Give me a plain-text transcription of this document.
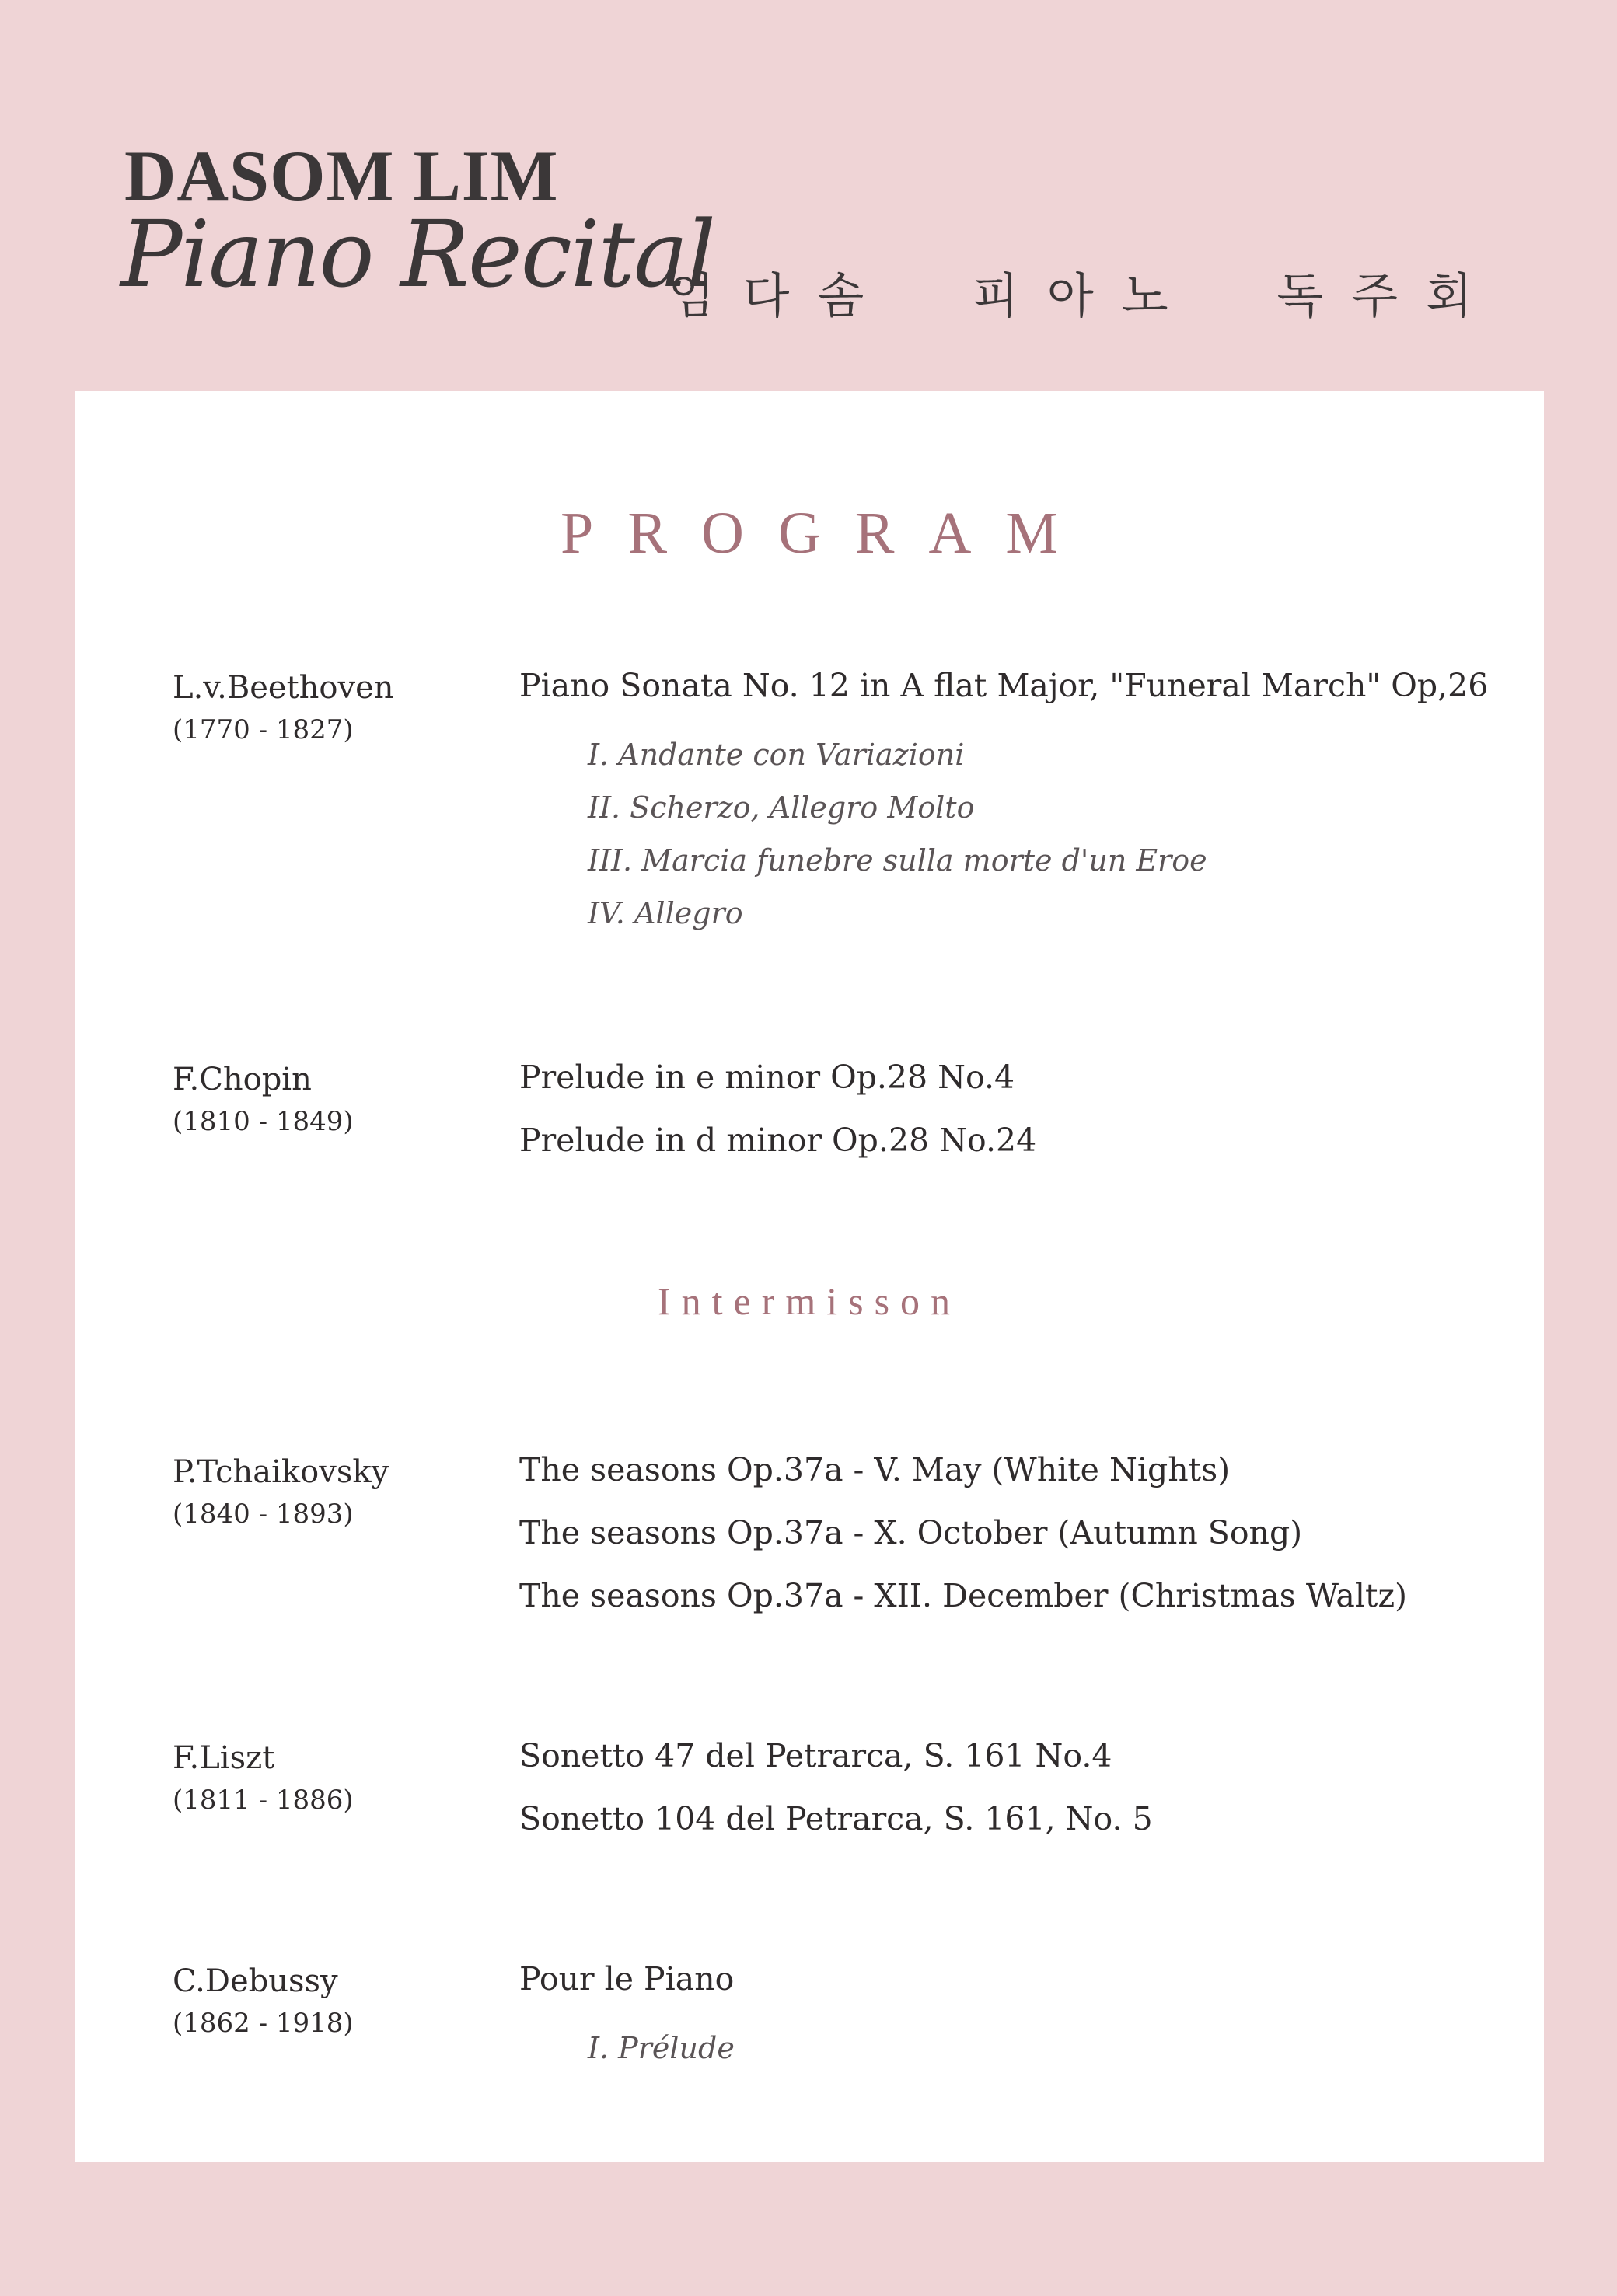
DASOM LIM
Piano Recital
임다솜 피아노 독주회
PROGRAM
L.v.Beethoven
(1770 - 1827)
Piano Sonata No. 12 in A flat Major, "Funeral March" Op,26
I. Andante con Variazioni
II. Scherzo, Allegro Molto
III. Marcia funebre sulla morte d'un Eroe
IV. Allegro
F.Chopin
(1810 - 1849)
Prelude in e minor Op.28 No.4
Prelude in d minor Op.28 No.24
Intermisson
P.Tchaikovsky
(1840 - 1893)
The seasons Op.37a - V. May (White Nights)
The seasons Op.37a - X. October (Autumn Song)
The seasons Op.37a - XII. December (Christmas Waltz)
F.Liszt
(1811 - 1886)
Sonetto 47 del Petrarca, S. 161 No.4
Sonetto 104 del Petrarca, S. 161, No. 5
C.Debussy
(1862 - 1918)
Pour le Piano
I. Prélude
